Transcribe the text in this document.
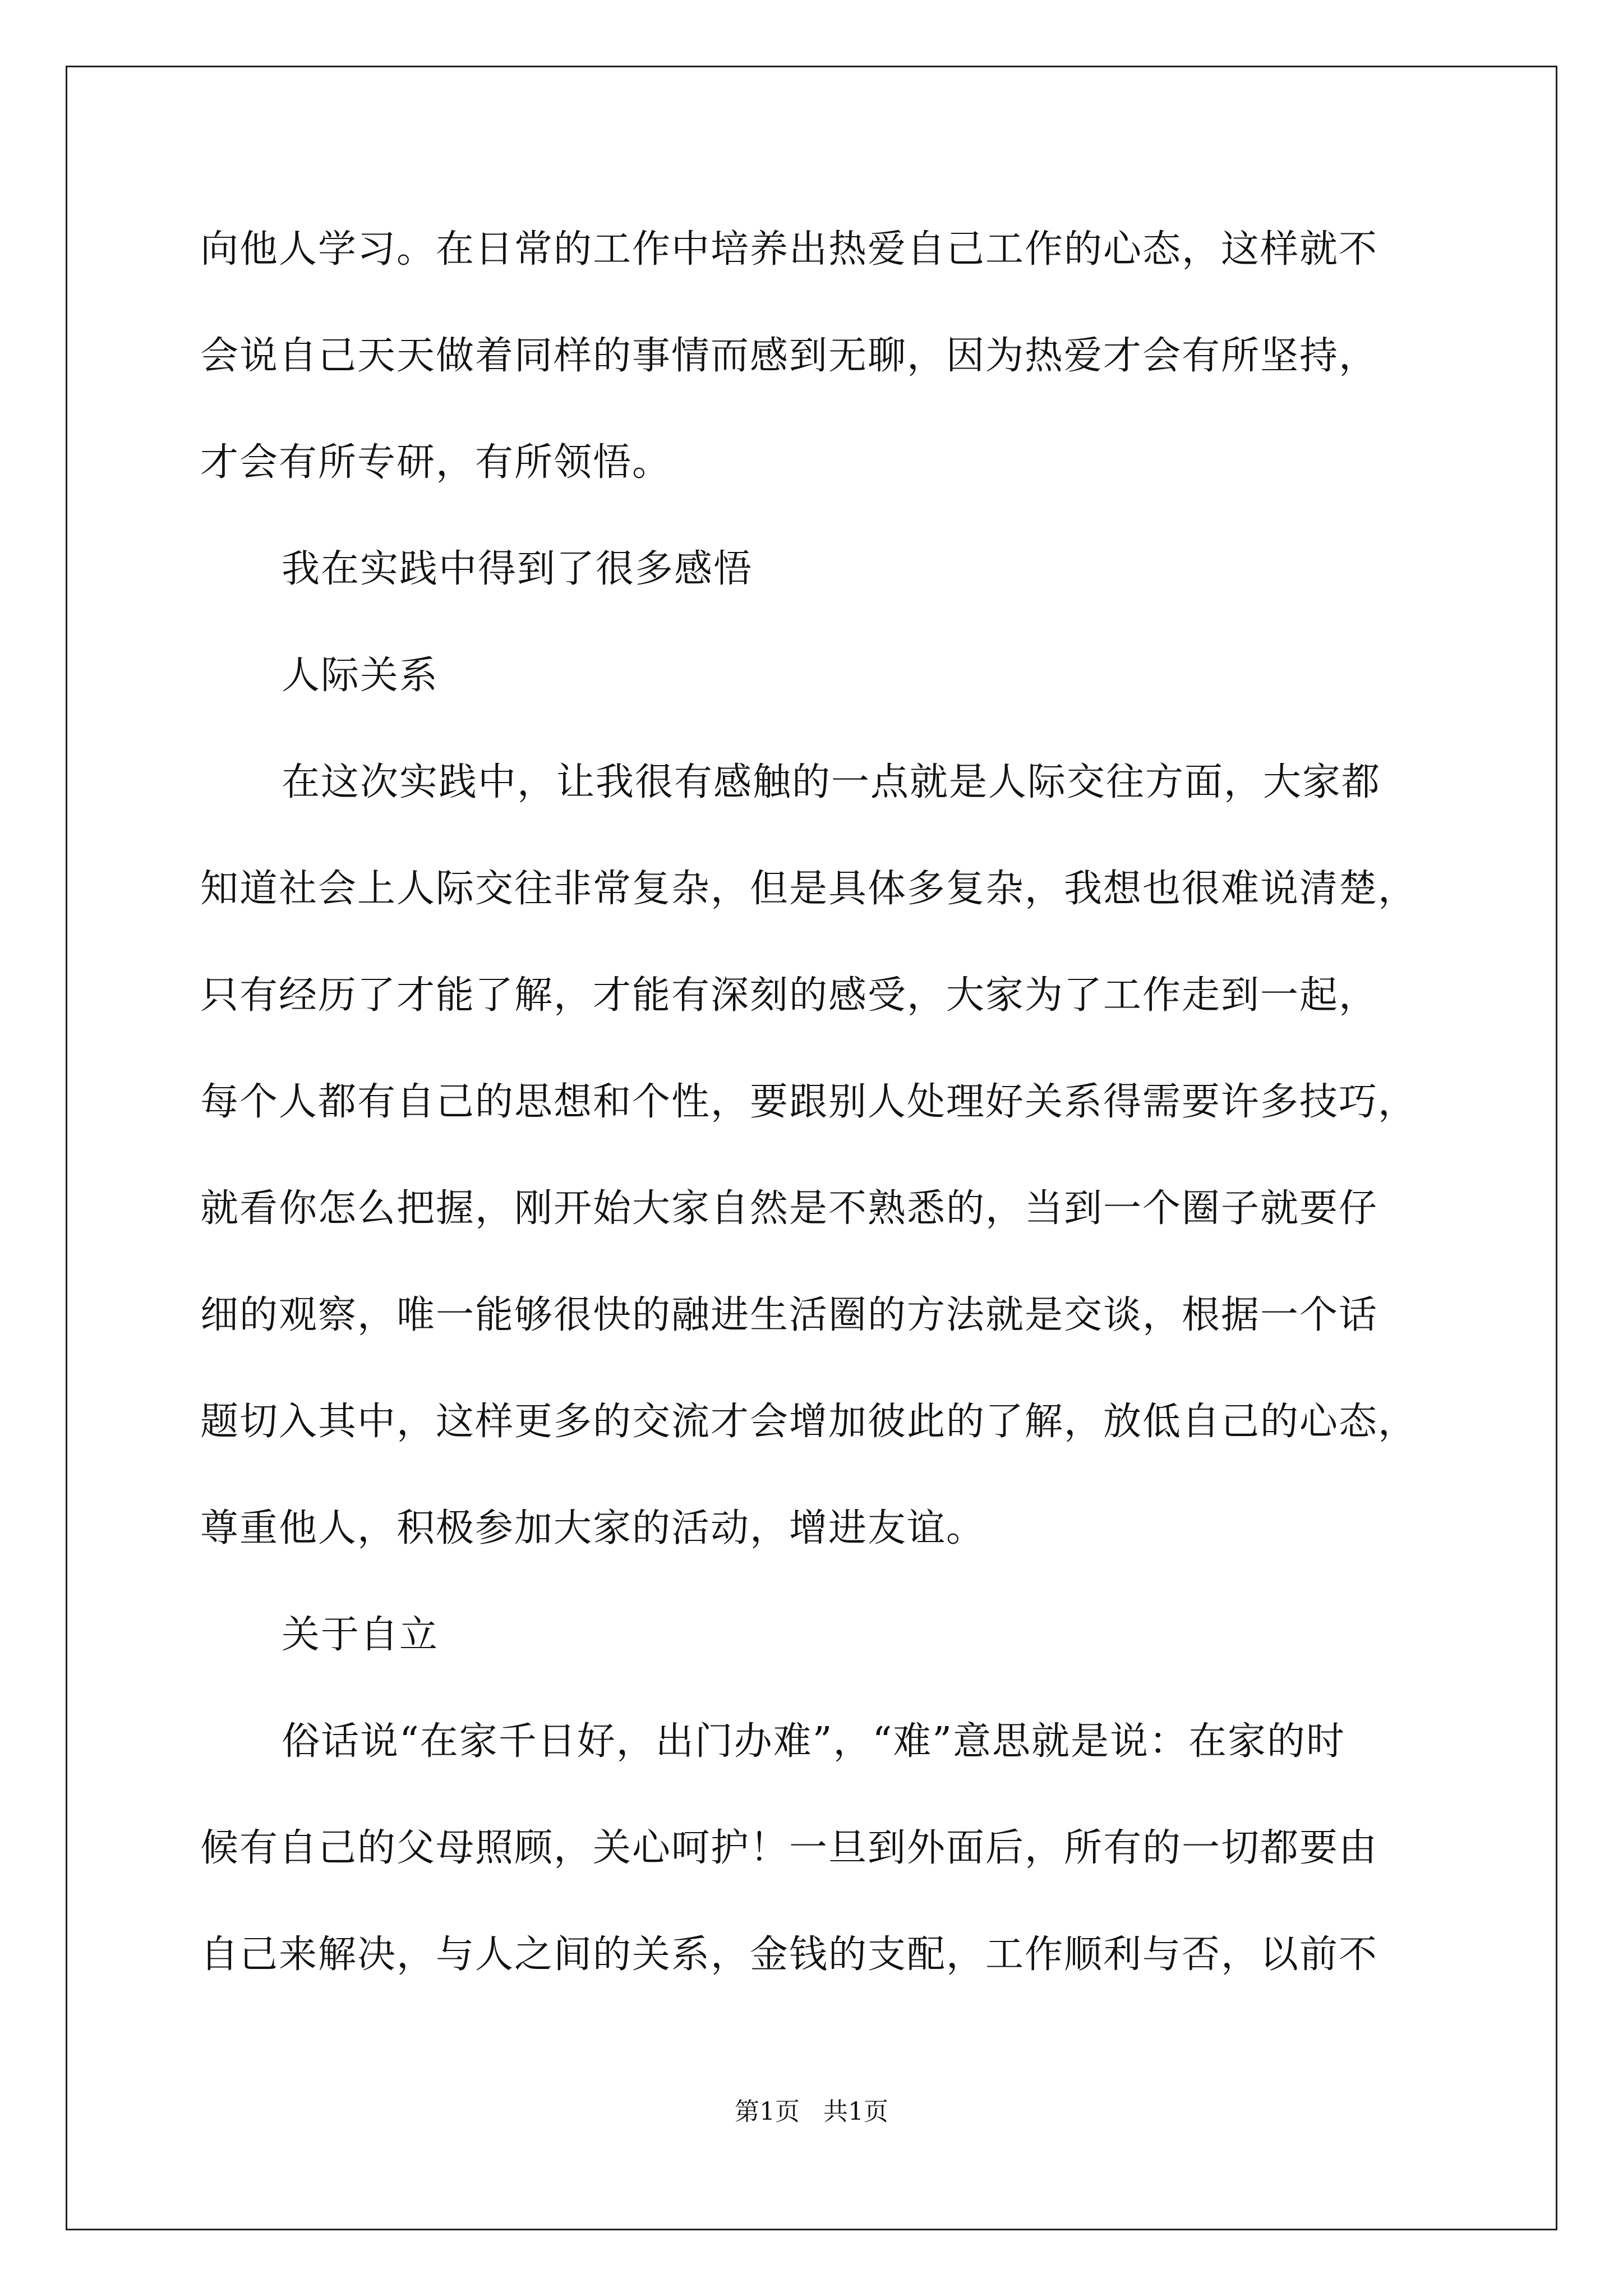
向他人学习。在日常的工作中培养出热爱自己工作的心态，这样就不
会说自己天天做着同样的事情而感到无聊，因为热爱才会有所坚持，
才会有所专研，有所领悟。
我在实践中得到了很多感悟
人际关系
在这次实践中，让我很有感触的一点就是人际交往方面，大家都
知道社会上人际交往非常复杂，但是具体多复杂，我想也很难说清楚，
只有经历了才能了解，才能有深刻的感受，大家为了工作走到一起，
每个人都有自己的思想和个性，要跟别人处理好关系得需要许多技巧，
就看你怎么把握，刚开始大家自然是不熟悉的，当到一个圈子就要仔
细的观察，唯一能够很快的融进生活圈的方法就是交谈，根据一个话
题切入其中，这样更多的交流才会增加彼此的了解，放低自己的心态，
尊重他人，积极参加大家的活动，增进友谊。
关于自立
俗话说“在家千日好，出门办难”，“难”意思就是说：在家的时
候有自己的父母照顾，关心呵护！一旦到外面后，所有的一切都要由
自己来解决，与人之间的关系，金钱的支配，工作顺利与否，以前不
第1页   共1页
